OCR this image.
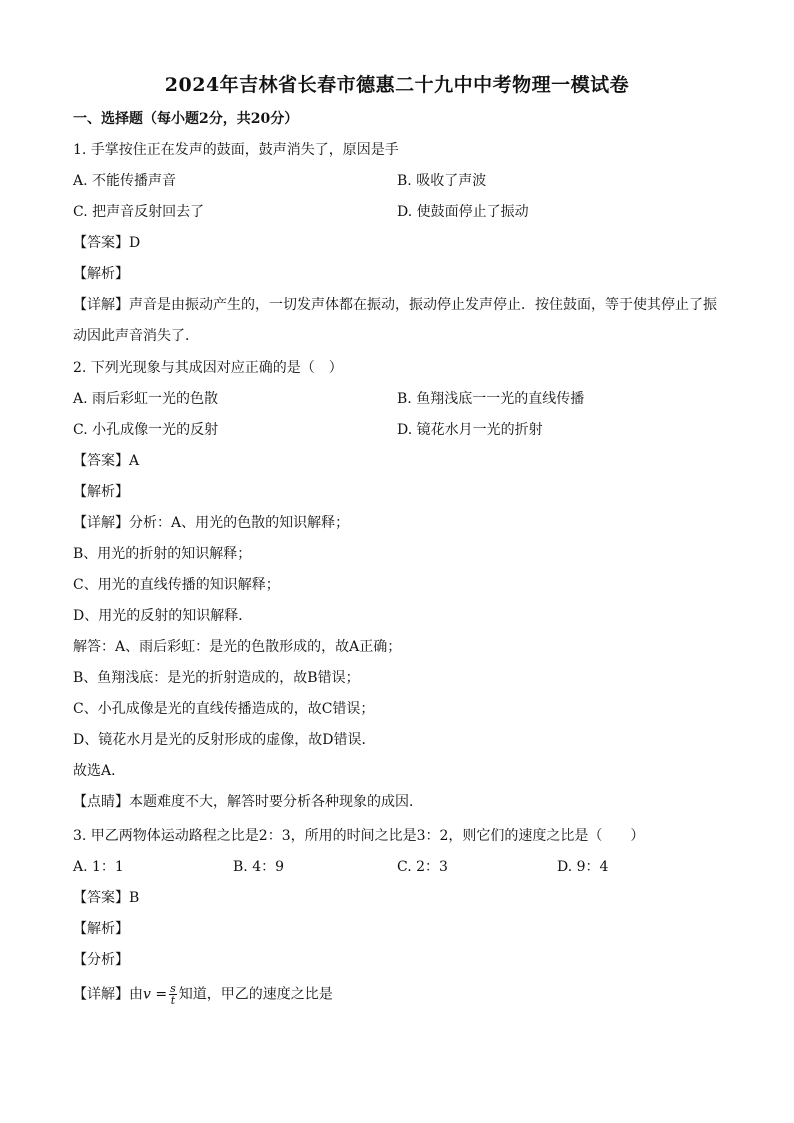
2024年吉林省长春市德惠二十九中中考物理一模试卷
一、选择题（每小题2分，共20分）
1. 手掌按住正在发声的鼓面，鼓声消失了，原因是手
A. 不能传播声音	B. 吸收了声波
C. 把声音反射回去了	D. 使鼓面停止了振动
【答案】D
【解析】
【详解】声音是由振动产生的，一切发声体都在振动，振动停止发声停止．按住鼓面，等于使其停止了振动因此声音消失了．
2. 下列光现象与其成因对应正确的是（　）
A. 雨后彩虹一光的色散	B. 鱼翔浅底一一光的直线传播
C. 小孔成像一光的反射	D. 镜花水月一光的折射
【答案】A
【解析】
【详解】分析：A、用光的色散的知识解释；
B、用光的折射的知识解释；
C、用光的直线传播的知识解释；
D、用光的反射的知识解释．
解答：A、雨后彩虹：是光的色散形成的，故A正确；
B、鱼翔浅底：是光的折射造成的，故B错误；
C、小孔成像是光的直线传播造成的，故C错误；
D、镜花水月是光的反射形成的虚像，故D错误．
故选A．
【点睛】本题难度不大，解答时要分析各种现象的成因．
3. 甲乙两物体运动路程之比是2：3，所用的时间之比是3：2，则它们的速度之比是（　　）
A. 1：1	B. 4：9	C. 2：3	D. 9：4
【答案】B
【解析】
【分析】
【详解】由$v = \frac{s}{t}$ 知道，甲乙的速度之比是
